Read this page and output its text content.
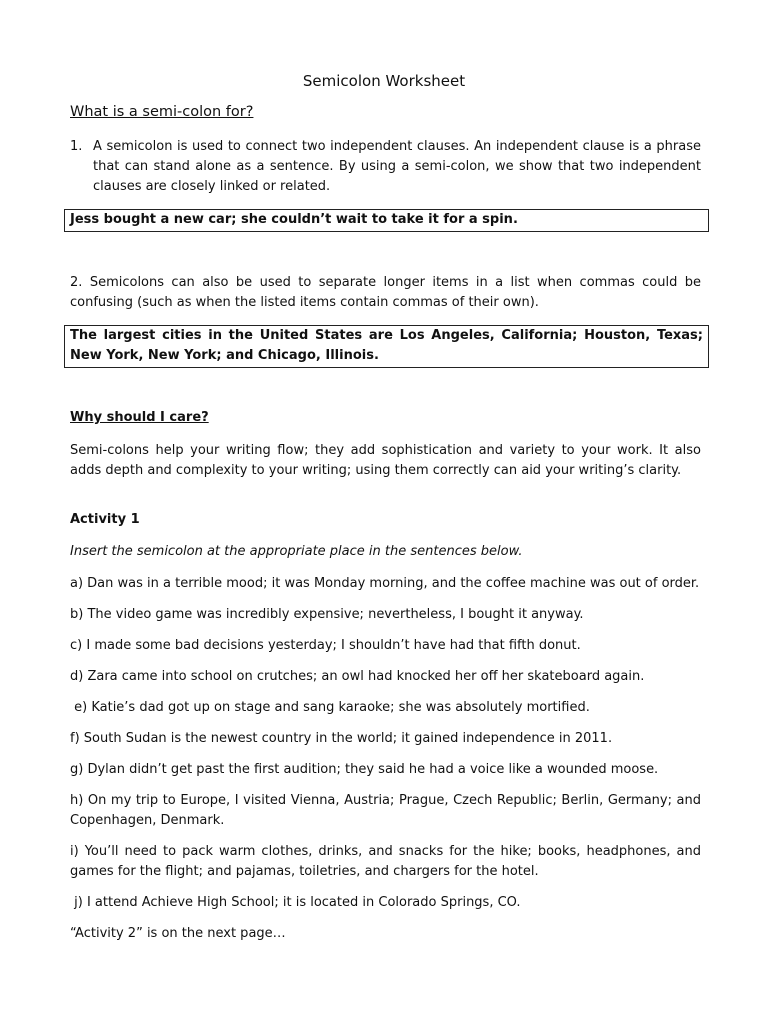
Semicolon Worksheet
What is a semi-colon for?
1. A semicolon is used to connect two independent clauses. An independent clause is a phrase that can stand alone as a sentence. By using a semi-colon, we show that two independent clauses are closely linked or related.
Jess bought a new car; she couldn’t wait to take it for a spin.
2. Semicolons can also be used to separate longer items in a list when commas could be confusing (such as when the listed items contain commas of their own).
The largest cities in the United States are Los Angeles, California; Houston, Texas; New York, New York; and Chicago, Illinois.
Why should I care?
Semi-colons help your writing flow; they add sophistication and variety to your work. It also adds depth and complexity to your writing; using them correctly can aid your writing’s clarity.
Activity 1
Insert the semicolon at the appropriate place in the sentences below.
a) Dan was in a terrible mood; it was Monday morning, and the coffee machine was out of order.
b) The video game was incredibly expensive; nevertheless, I bought it anyway.
c) I made some bad decisions yesterday; I shouldn’t have had that fifth donut.
d) Zara came into school on crutches; an owl had knocked her off her skateboard again.
e) Katie’s dad got up on stage and sang karaoke; she was absolutely mortified.
f) South Sudan is the newest country in the world; it gained independence in 2011.
g) Dylan didn’t get past the first audition; they said he had a voice like a wounded moose.
h) On my trip to Europe, I visited Vienna, Austria; Prague, Czech Republic; Berlin, Germany; and Copenhagen, Denmark.
i) You’ll need to pack warm clothes, drinks, and snacks for the hike; books, headphones, and games for the flight; and pajamas, toiletries, and chargers for the hotel.
j) I attend Achieve High School; it is located in Colorado Springs, CO.
“Activity 2” is on the next page…
